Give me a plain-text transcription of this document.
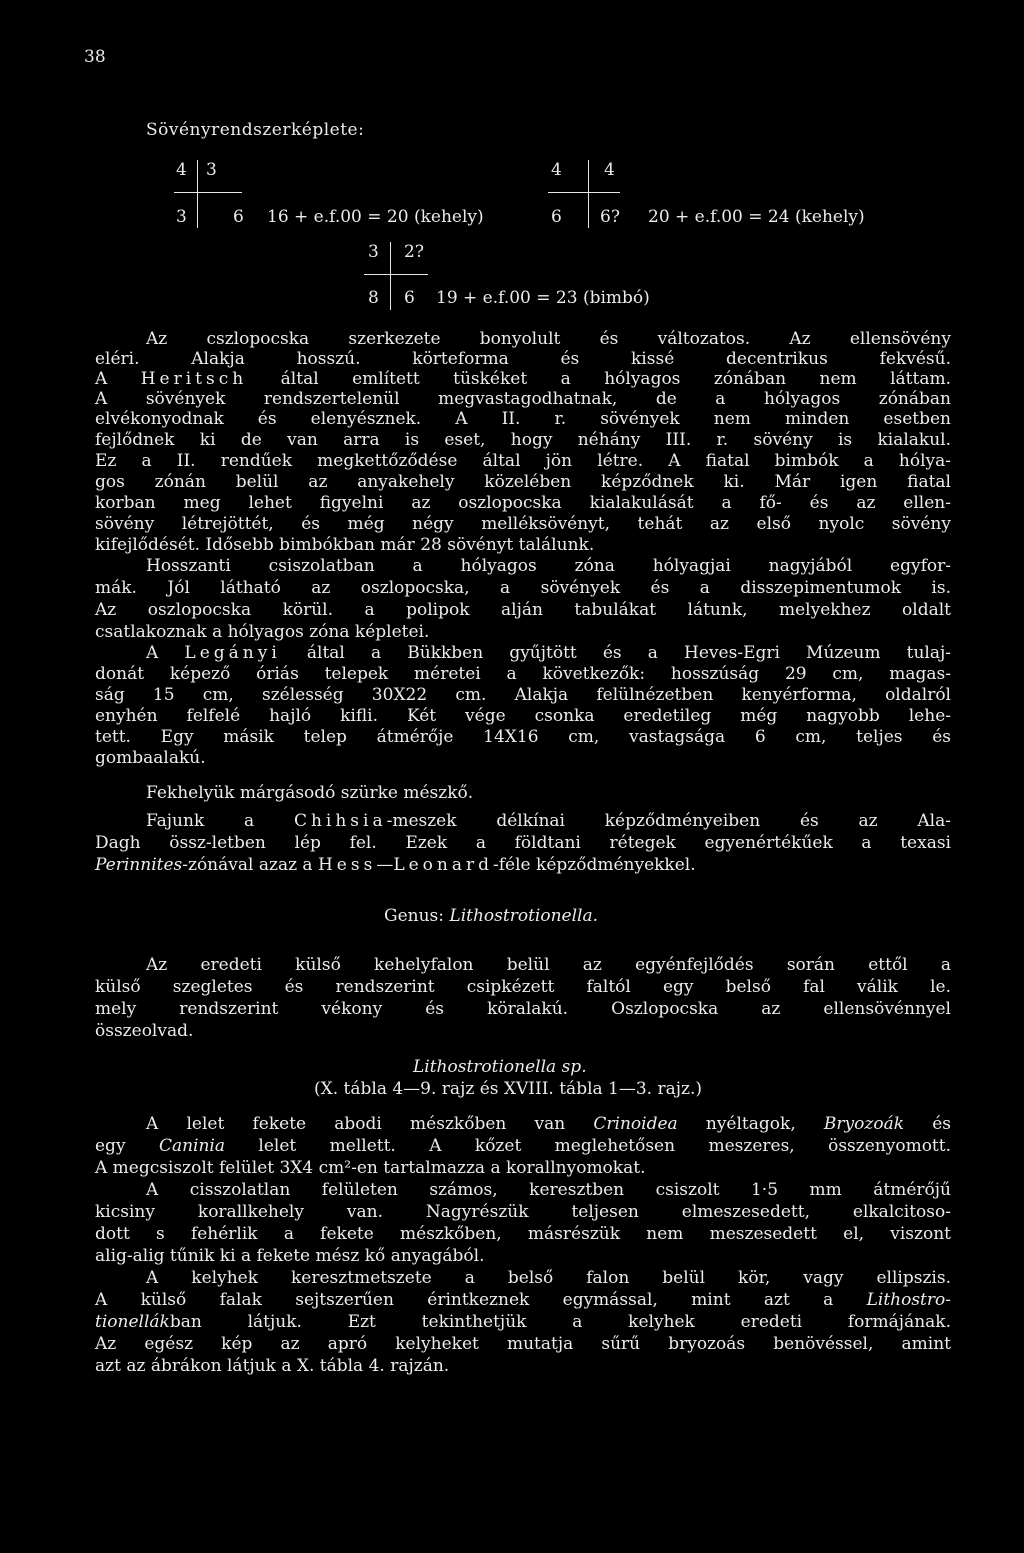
38
Sövényrendszerképlete:
4 3
3	6 16 + e.f.00 = 20 (kehely)
4 4
6 6? 20 + e.f.00 = 24 (kehely)
3 2?
8 6 19 + e.f.00 = 23 (bimbó)
Az cszlopocska szerkezete bonyolult és változatos. Az ellensövény
eléri. Alakja hosszú. körteforma és kissé decentrikus fekvésű.
A Heritsch által említett tüskéket a hólyagos zónában nem láttam.
A sövények rendszertelenül megvastagodhatnak, de a hólyagos zónában
elvékonyodnak és elenyésznek. A II. r. sövények nem minden esetben
fejlődnek ki de van arra is eset, hogy néhány III. r. sövény is kialakul.
Ez a II. rendűek megkettőződése által jön létre. A fiatal bimbók a hólya-
gos zónán belül az anyakehely közelében képződnek ki. Már igen fiatal
korban meg lehet figyelni az oszlopocska kialakulását a fő- és az ellen-
sövény létrejöttét, és még négy melléksövényt, tehát az első nyolc sövény
kifejlődését. Idősebb bimbókban már 28 sövényt találunk.
Hosszanti csiszolatban a hólyagos zóna hólyagjai nagyjából egyfor-
mák. Jól látható az oszlopocska, a sövények és a disszepimentumok is.
Az oszlopocska körül. a polipok alján tabulákat látunk, melyekhez oldalt
csatlakoznak a hólyagos zóna képletei.
A Legányi által a Bükkben gyűjtött és a Heves-Egri Múzeum tulaj-
donát képező óriás telepek méretei a következők: hosszúság 29 cm, magas-
ság 15 cm, szélesség 30X22 cm. Alakja felülnézetben kenyérforma, oldalról
enyhén felfelé hajló kifli. Két vége csonka eredetileg még nagyobb lehe-
tett. Egy másik telep átmérője 14X16 cm, vastagsága 6 cm, teljes és
gombaalakú.
Fekhelyük márgásodó szürke mészkő.
Fajunk a Chihsia-meszek délkínai képződményeiben és az Ala-
Dagh össz-letben lép fel. Ezek a földtani rétegek egyenértékűek a texasi
Perinnites-zónával azaz a Hess—Leonard-féle képződményekkel.
Genus: Lithostrotionella.
Az eredeti külső kehelyfalon belül az egyénfejlődés során ettől a
külső szegletes és rendszerint csipkézett faltól egy belső fal válik le.
mely rendszerint vékony és köralakú. Oszlopocska az ellensövénnyel
összeolvad.
Lithostrotionella sp.
(X. tábla 4—9. rajz és XVIII. tábla 1—3. rajz.)
A lelet fekete abodi mészkőben van Crinoidea nyéltagok, Bryozoák és
egy Caninia lelet mellett. A kőzet meglehetősen meszeres, összenyomott.
A megcsiszolt felület 3X4 cm²-en tartalmazza a korallnyomokat.
A cisszolatlan felületen számos, keresztben csiszolt 1·5 mm átmérőjű
kicsiny korallkehely van. Nagyrészük teljesen elmeszesedett, elkalcitoso-
dott s fehérlik a fekete mészkőben, másrészük nem meszesedett el, viszont
alig-alig tűnik ki a fekete mész kő anyagából.
A kelyhek keresztmetszete a belső falon belül kör, vagy ellipszis.
A külső falak sejtszerűen érintkeznek egymással, mint azt a Lithostro-
tionellákban látjuk. Ezt tekinthetjük a kelyhek eredeti formájának.
Az egész kép az apró kelyheket mutatja sűrű bryozoás benövéssel, amint
azt az ábrákon látjuk a X. tábla 4. rajzán.
